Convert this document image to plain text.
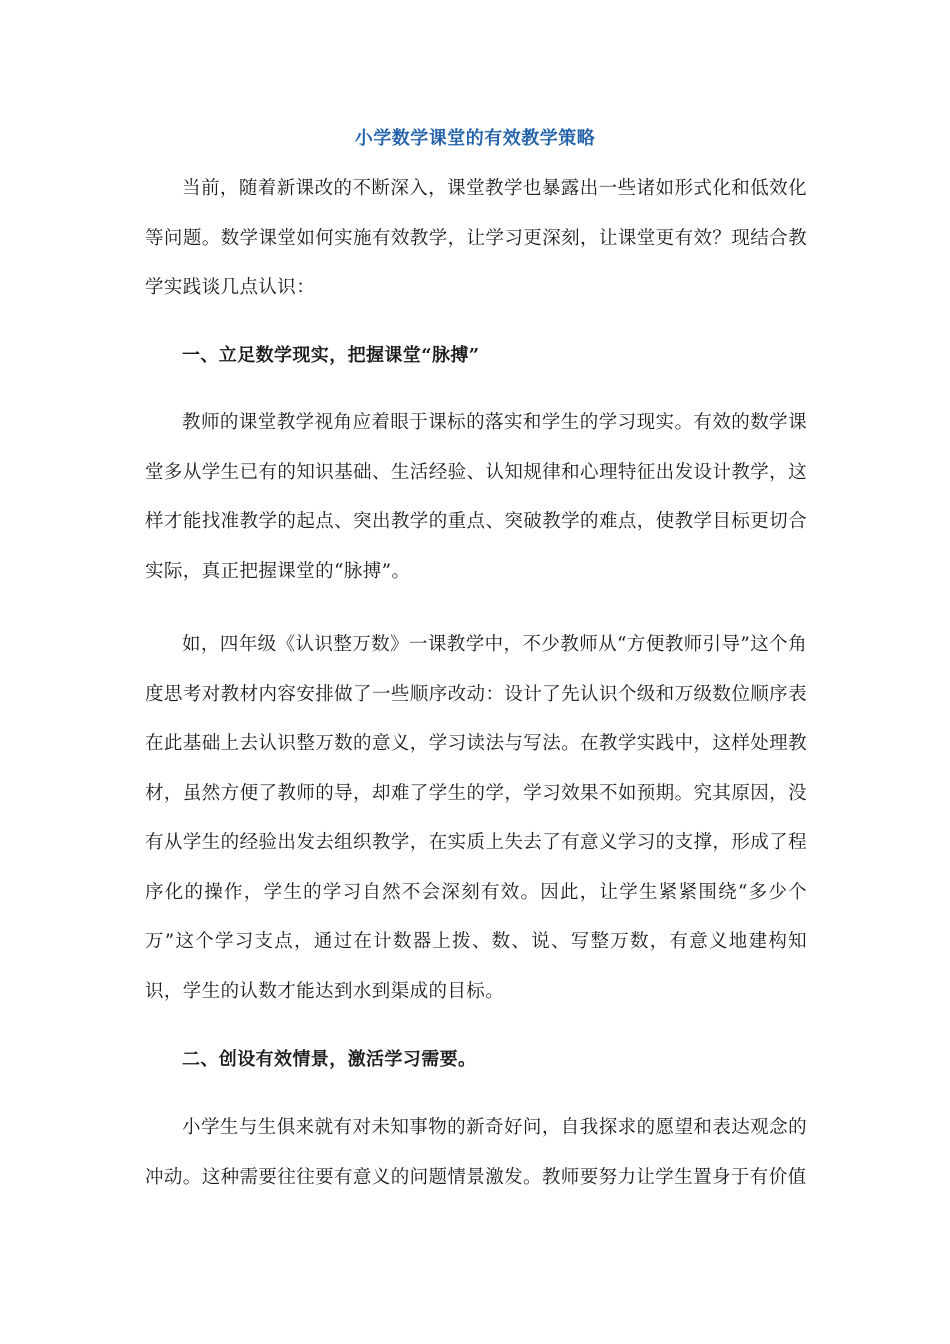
小学数学课堂的有效教学策略

当前，随着新课改的不断深入，课堂教学也暴露出一些诸如形式化和低效化等问题。数学课堂如何实施有效教学，让学习更深刻，让课堂更有效？现结合教学实践谈几点认识：

一、立足数学现实，把握课堂“脉搏”

教师的课堂教学视角应着眼于课标的落实和学生的学习现实。有效的数学课堂多从学生已有的知识基础、生活经验、认知规律和心理特征出发设计教学，这样才能找准教学的起点、突出教学的重点、突破教学的难点，使教学目标更切合实际，真正把握课堂的“脉搏”。

如，四年级《认识整万数》一课教学中，不少教师从“方便教师引导”这个角度思考对教材内容安排做了一些顺序改动：设计了先认识个级和万级数位顺序表在此基础上去认识整万数的意义，学习读法与写法。在教学实践中，这样处理教材，虽然方便了教师的导，却难了学生的学，学习效果不如预期。究其原因，没有从学生的经验出发去组织教学，在实质上失去了有意义学习的支撑，形成了程序化的操作，学生的学习自然不会深刻有效。因此，让学生紧紧围绕“多少个万”这个学习支点，通过在计数器上拨、数、说、写整万数，有意义地建构知识，学生的认数才能达到水到渠成的目标。

二、创设有效情景，激活学习需要。

小学生与生俱来就有对未知事物的新奇好问，自我探求的愿望和表达观念的冲动。这种需要往往要有意义的问题情景激发。教师要努力让学生置身于有价值
